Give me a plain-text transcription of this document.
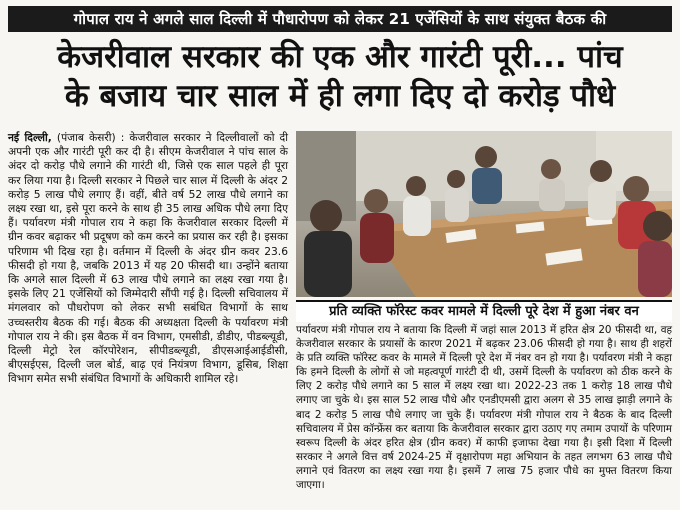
गोपाल राय ने अगले साल दिल्ली में पौधारोपण को लेकर 21 एजेंसियों के साथ संयुक्त बैठक की
केजरीवाल सरकार की एक और गारंटी पूरी... पांच
के बजाय चार साल में ही लगा दिए दो करोड़ पौधे
नई दिल्ली, (पंजाब केसरी) : केजरीवाल सरकार ने दिल्लीवालों को दी अपनी एक और गारंटी पूरी कर दी है। सीएम केजरीवाल ने पांच साल के अंदर दो करोड़ पौधे लगाने की गारंटी थी, जिसे एक साल पहले ही पूरा कर लिया गया है। दिल्ली सरकार ने पिछले चार साल में दिल्ली के अंदर 2 करोड़ 5 लाख पौधे लगाए हैं। वहीं, बीते वर्ष 52 लाख पौधे लगाने का लक्ष्य रखा था, इसे पूरा करने के साथ ही 35 लाख अधिक पौधे लगा दिए हैं। पर्यावरण मंत्री गोपाल राय ने कहा कि केजरीवाल सरकार दिल्ली में ग्रीन कवर बढ़ाकर भी प्रदूषण को कम करने का प्रयास कर रही है। इसका परिणाम भी दिख रहा है। वर्तमान में दिल्ली के अंदर ग्रीन कवर 23.6 फीसदी हो गया है, जबकि 2013 में यह 20 फीसदी था। उन्होंने बताया कि अगले साल दिल्ली में 63 लाख पौधे लगाने का लक्ष्य रखा गया है। इसके लिए 21 एजेंसियों को जिम्मेदारी सौंपी गई है। दिल्ली सचिवालय में मंगलवार को पौधरोपण को लेकर सभी सबंधित विभागों के साथ उच्चस्तरीय बैठक की गई। बैठक की अध्यक्षता दिल्ली के पर्यावरण मंत्री गोपाल राय ने की। इस बैठक में वन विभाग, एमसीडी, डीडीए, पीडब्ल्यूडी, दिल्ली मेट्रो रेल कॉरपोरेशन, सीपीडब्ल्यूडी, डीएसआईआईडीसी, बीएसईएस, दिल्ली जल बोर्ड, बाढ़ एवं नियंत्रण विभाग, डूसिब, शिक्षा विभाग समेत सभी संबंधित विभागों के अधिकारी शामिल रहे।
प्रति व्यक्ति फॉरेस्ट कवर मामले में दिल्ली पूरे देश में हुआ नंबर वन

पर्यावरण मंत्री गोपाल राय ने बताया कि दिल्ली में जहां साल 2013 में हरित क्षेत्र 20 फीसदी था, वह केजरीवाल सरकार के प्रयासों के कारण 2021 में बढ़कर 23.06 फीसदी हो गया है। साथ ही शहरों के प्रति व्यक्ति फॉरेस्ट कवर के मामले में दिल्ली पूरे देश में नंबर वन हो गया है। पर्यावरण मंत्री ने कहा कि हमने दिल्ली के लोगों से जो महत्वपूर्ण गारंटी दी थी, उसमें दिल्ली के पर्यावरण को ठीक करने के लिए 2 करोड़ पौधे लगाने का 5 साल में लक्ष्य रखा था। 2022-23 तक 1 करोड़ 18 लाख पौधे लगाए जा चुके थे। इस साल 52 लाख पौधे और एनडीएमसी द्वारा अलग से 35 लाख झाड़ी लगाने के बाद 2 करोड़ 5 लाख पौधे लगाए जा चुके हैं। पर्यावरण मंत्री गोपाल राय ने बैठक के बाद दिल्ली सचिवालय में प्रेस कॉन्फ्रेंस कर बताया कि केजरीवाल सरकार द्वारा उठाए गए तमाम उपायों के परिणाम स्वरूप दिल्ली के अंदर हरित क्षेत्र (ग्रीन कवर) में काफी इजाफा देखा गया है। इसी दिशा में दिल्ली सरकार ने अगले वित्त वर्ष 2024-25 में वृक्षारोपण महा अभियान के तहत लगभग 63 लाख पौधे लगाने एवं वितरण का लक्ष्य रखा गया है। इसमें 7 लाख 75 हजार पौधे का मुफ्त वितरण किया जाएगा।
